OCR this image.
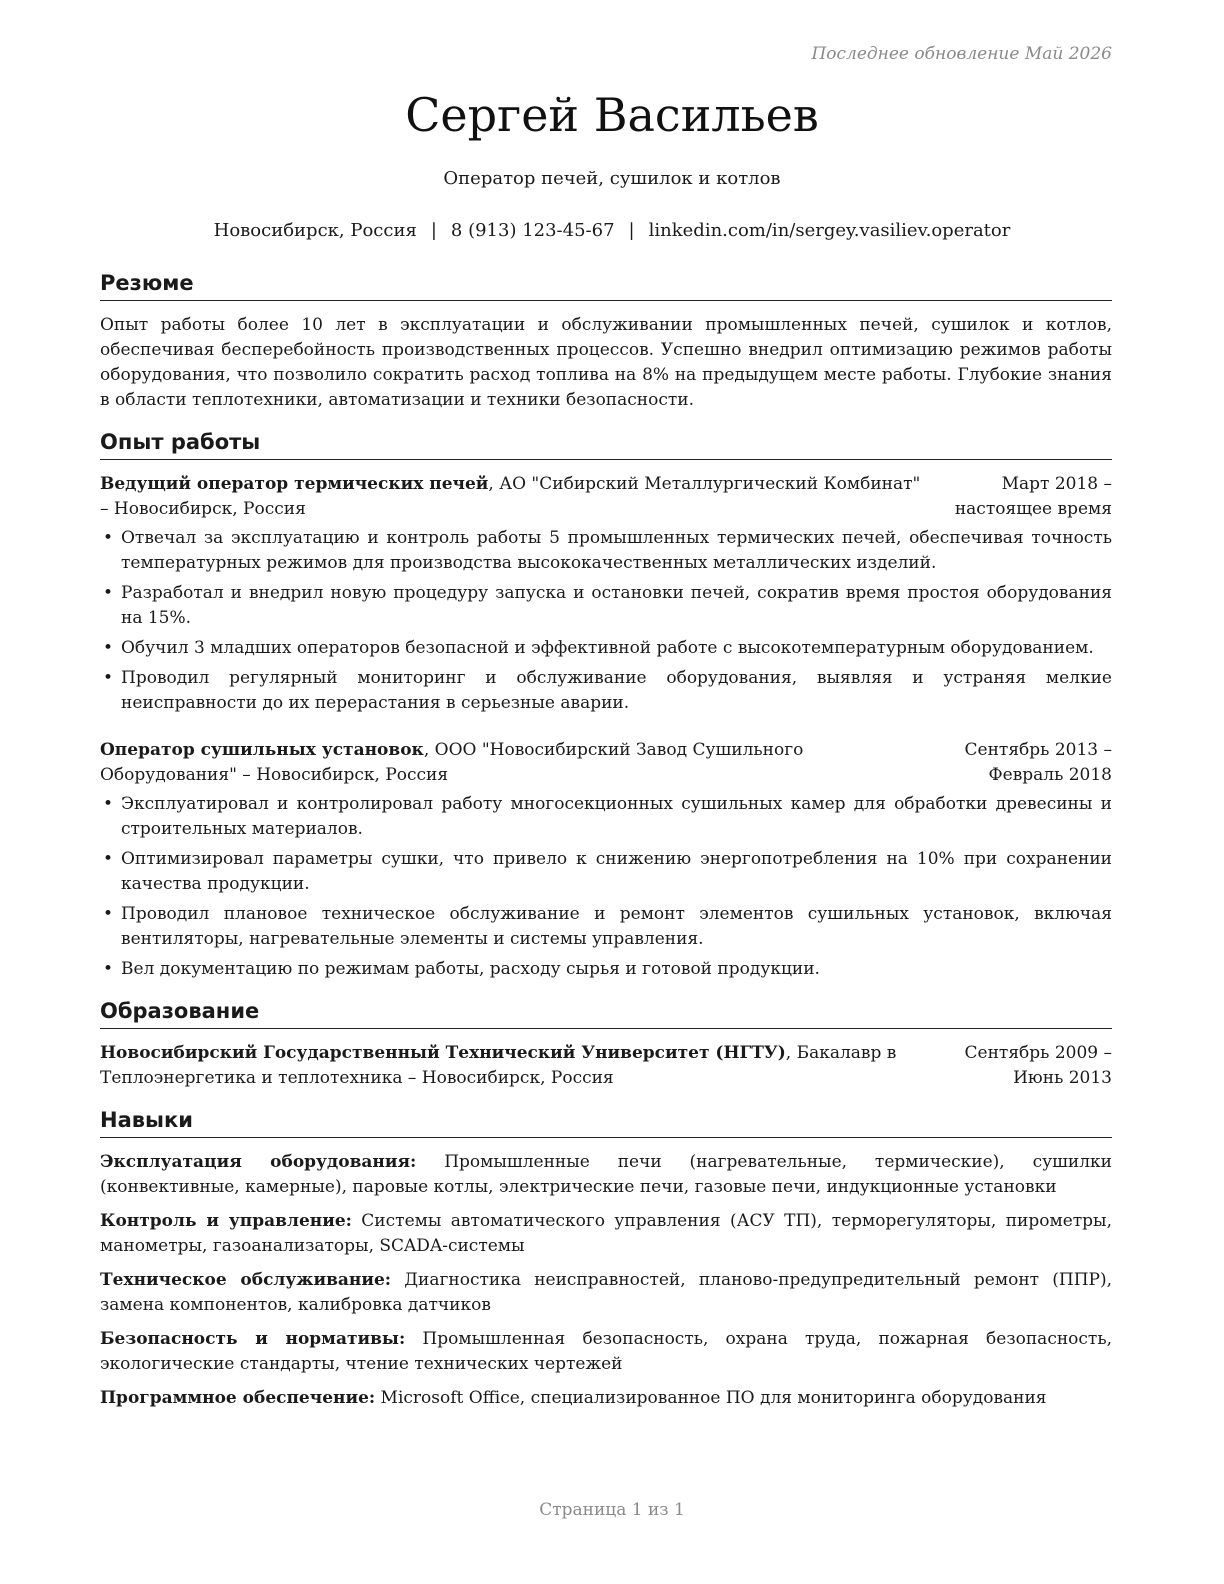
Последнее обновление Май 2026
Сергей Васильев
Оператор печей, сушилок и котлов
Новосибирск, Россия | 8 (913) 123-45-67 | linkedin.com/in/sergey.vasiliev.operator
Резюме

Опыт работы более 10 лет в эксплуатации и обслуживании промышленных печей, сушилок и котлов, обеспечивая бесперебойность производственных процессов. Успешно внедрил оптимизацию режимов работы оборудования, что позволило сократить расход топлива на 8% на предыдущем месте работы. Глубокие знания в области теплотехники, автоматизации и техники безопасности.

Опыт работы
Ведущий оператор термических печей, АО "Сибирский Металлургический Комбинат" – Новосибирск, Россия
Март 2018 – настоящее время
• Отвечал за эксплуатацию и контроль работы 5 промышленных термических печей, обеспечивая точность температурных режимов для производства высококачественных металлических изделий.
• Разработал и внедрил новую процедуру запуска и остановки печей, сократив время простоя оборудования на 15%.
• Обучил 3 младших операторов безопасной и эффективной работе с высокотемпературным оборудованием.
• Проводил регулярный мониторинг и обслуживание оборудования, выявляя и устраняя мелкие неисправности до их перерастания в серьезные аварии.
Оператор сушильных установок, ООО "Новосибирский Завод Сушильного Оборудования" – Новосибирск, Россия
Сентябрь 2013 – Февраль 2018
• Эксплуатировал и контролировал работу многосекционных сушильных камер для обработки древесины и строительных материалов.
• Оптимизировал параметры сушки, что привело к снижению энергопотребления на 10% при сохранении качества продукции.
• Проводил плановое техническое обслуживание и ремонт элементов сушильных установок, включая вентиляторы, нагревательные элементы и системы управления.
• Вел документацию по режимам работы, расходу сырья и готовой продукции.
Образование
Новосибирский Государственный Технический Университет (НГТУ), Бакалавр в Теплоэнергетика и теплотехника – Новосибирск, Россия
Сентябрь 2009 – Июнь 2013
Навыки

Эксплуатация оборудования: Промышленные печи (нагревательные, термические), сушилки (конвективные, камерные), паровые котлы, электрические печи, газовые печи, индукционные установки

Контроль и управление: Системы автоматического управления (АСУ ТП), терморегуляторы, пирометры, манометры, газоанализаторы, SCADA-системы

Техническое обслуживание: Диагностика неисправностей, планово-предупредительный ремонт (ППР), замена компонентов, калибровка датчиков

Безопасность и нормативы: Промышленная безопасность, охрана труда, пожарная безопасность, экологические стандарты, чтение технических чертежей

Программное обеспечение: Microsoft Office, специализированное ПО для мониторинга оборудования

Страница 1 из 1
